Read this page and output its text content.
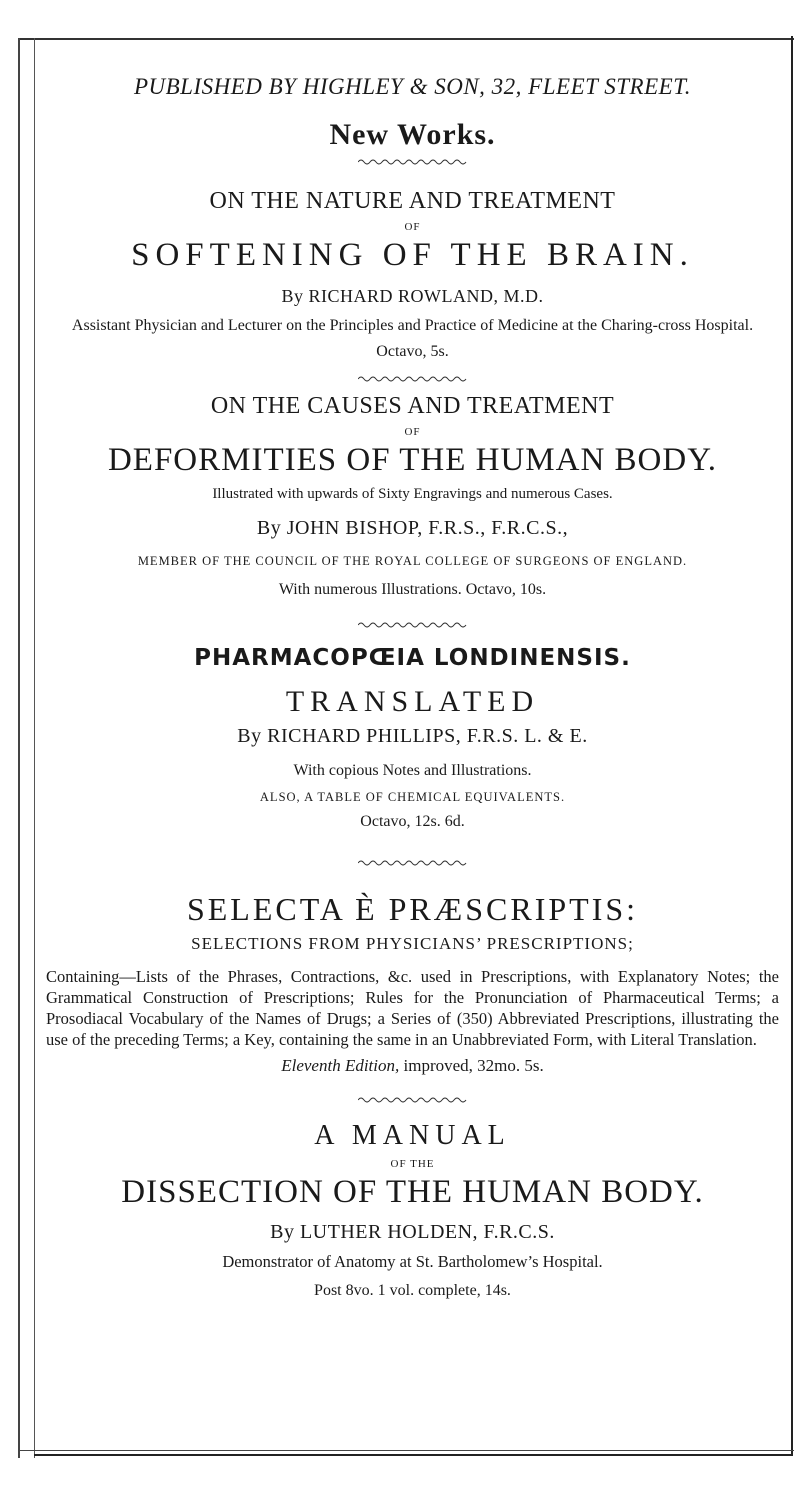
PUBLISHED BY HIGHLEY & SON, 32, FLEET STREET.
New Works.
ON THE NATURE AND TREATMENT
OF
SOFTENING OF THE BRAIN.
By RICHARD ROWLAND, M.D.
Assistant Physician and Lecturer on the Principles and Practice of Medicine at the Charing-cross Hospital.
Octavo, 5s.
ON THE CAUSES AND TREATMENT
OF
DEFORMITIES OF THE HUMAN BODY.
Illustrated with upwards of Sixty Engravings and numerous Cases.
By JOHN BISHOP, F.R.S., F.R.C.S.,
MEMBER OF THE COUNCIL OF THE ROYAL COLLEGE OF SURGEONS OF ENGLAND.
With numerous Illustrations. Octavo, 10s.
PHARMACOPŒIA LONDINENSIS.
TRANSLATED
By RICHARD PHILLIPS, F.R.S. L. & E.
With copious Notes and Illustrations.
ALSO, A TABLE OF CHEMICAL EQUIVALENTS.
Octavo, 12s. 6d.
SELECTA È PRÆSCRIPTIS:
SELECTIONS FROM PHYSICIANS’ PRESCRIPTIONS;
Containing—Lists of the Phrases, Contractions, &c. used in Prescriptions, with Explanatory Notes; the Grammatical Construction of Prescriptions; Rules for the Pronunciation of Pharmaceutical Terms; a Prosodiacal Vocabulary of the Names of Drugs; a Series of (350) Abbreviated Prescriptions, illustrating the use of the preceding Terms; a Key, containing the same in an Unabbreviated Form, with Literal Translation.
Eleventh Edition, improved, 32mo. 5s.
A MANUAL
OF THE
DISSECTION OF THE HUMAN BODY.
By LUTHER HOLDEN, F.R.C.S.
Demonstrator of Anatomy at St. Bartholomew’s Hospital.
Post 8vo. 1 vol. complete, 14s.
